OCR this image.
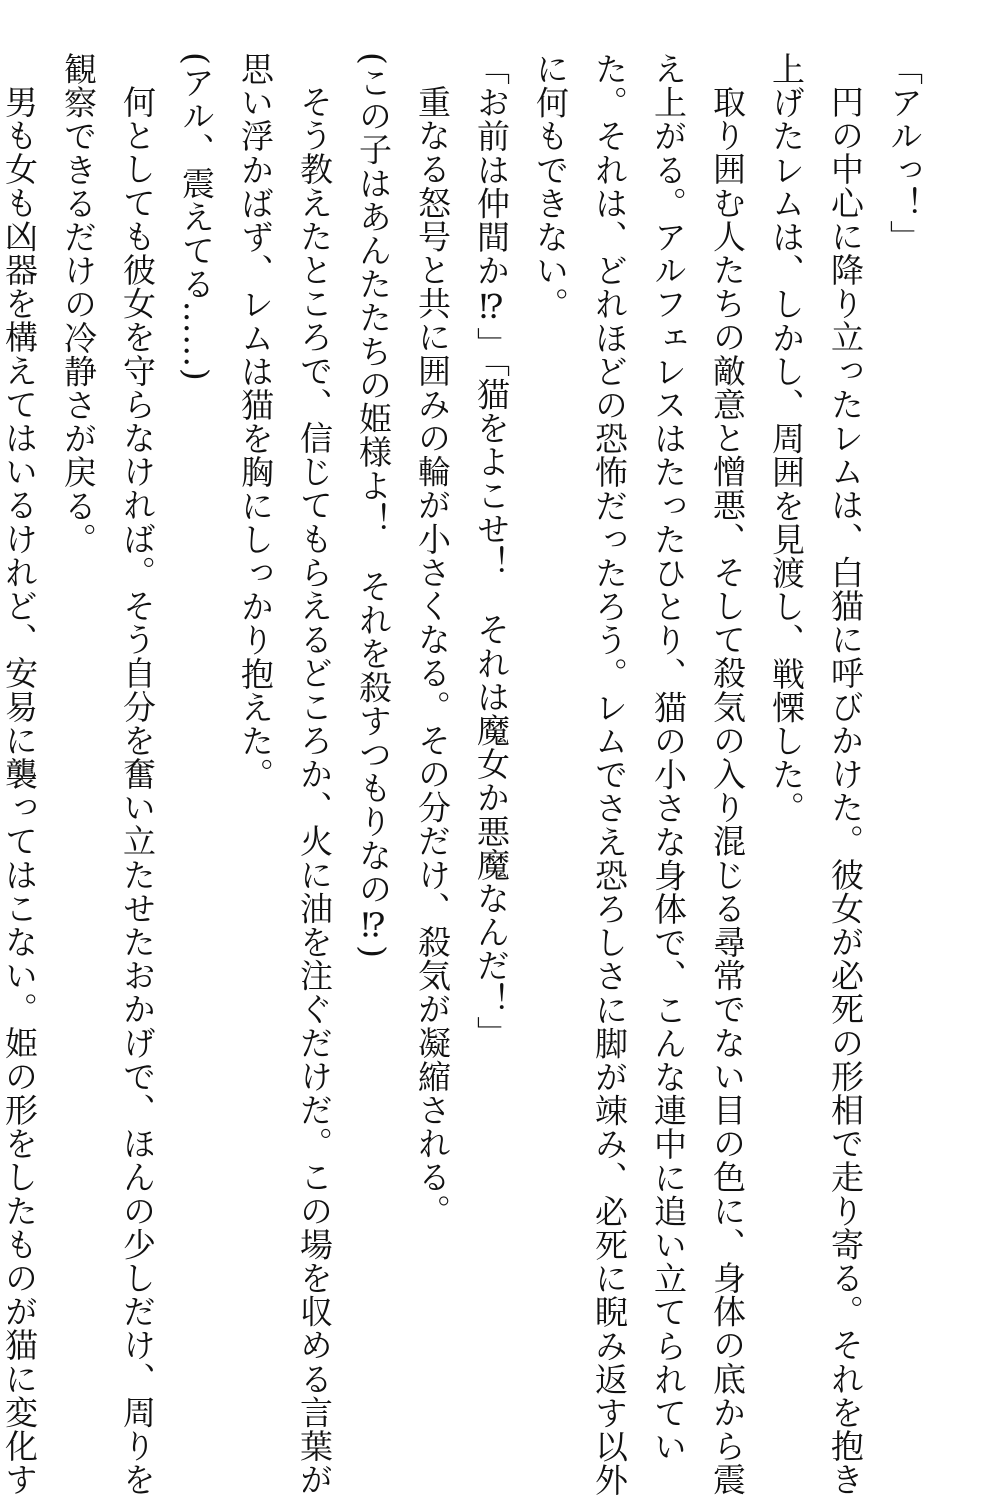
「アルっ！」
円の中心に降り立ったレムは、白猫に呼びかけた。彼女が必死の形相で走り寄る。それを抱き
上げたレムは、しかし、周囲を見渡し、戦慄した。
取り囲む人たちの敵意と憎悪、そして殺気の入り混じる尋常でない目の色に、身体の底から震
え上がる。アルフェレスはたったひとり、猫の小さな身体で、こんな連中に追い立てられてい
た。それは、どれほどの恐怖だったろう。レムでさえ恐ろしさに脚が竦み、必死に睨み返す以外
に何もできない。
「お前は仲間か⁉」「猫をよこせ！　それは魔女か悪魔なんだ！」
重なる怒号と共に囲みの輪が小さくなる。その分だけ、殺気が凝縮される。
(この子はあんたたちの姫様よ！　それを殺すつもりなの⁉)
そう教えたところで、信じてもらえるどころか、火に油を注ぐだけだ。この場を収める言葉が
思い浮かばず、レムは猫を胸にしっかり抱えた。
(アル、震えてる……)
何としても彼女を守らなければ。そう自分を奮い立たせたおかげで、ほんの少しだけ、周りを
観察できるだけの冷静さが戻る。
男も女も凶器を構えてはいるけれど、安易に襲ってはこない。姫の形をしたものが猫に変化す
